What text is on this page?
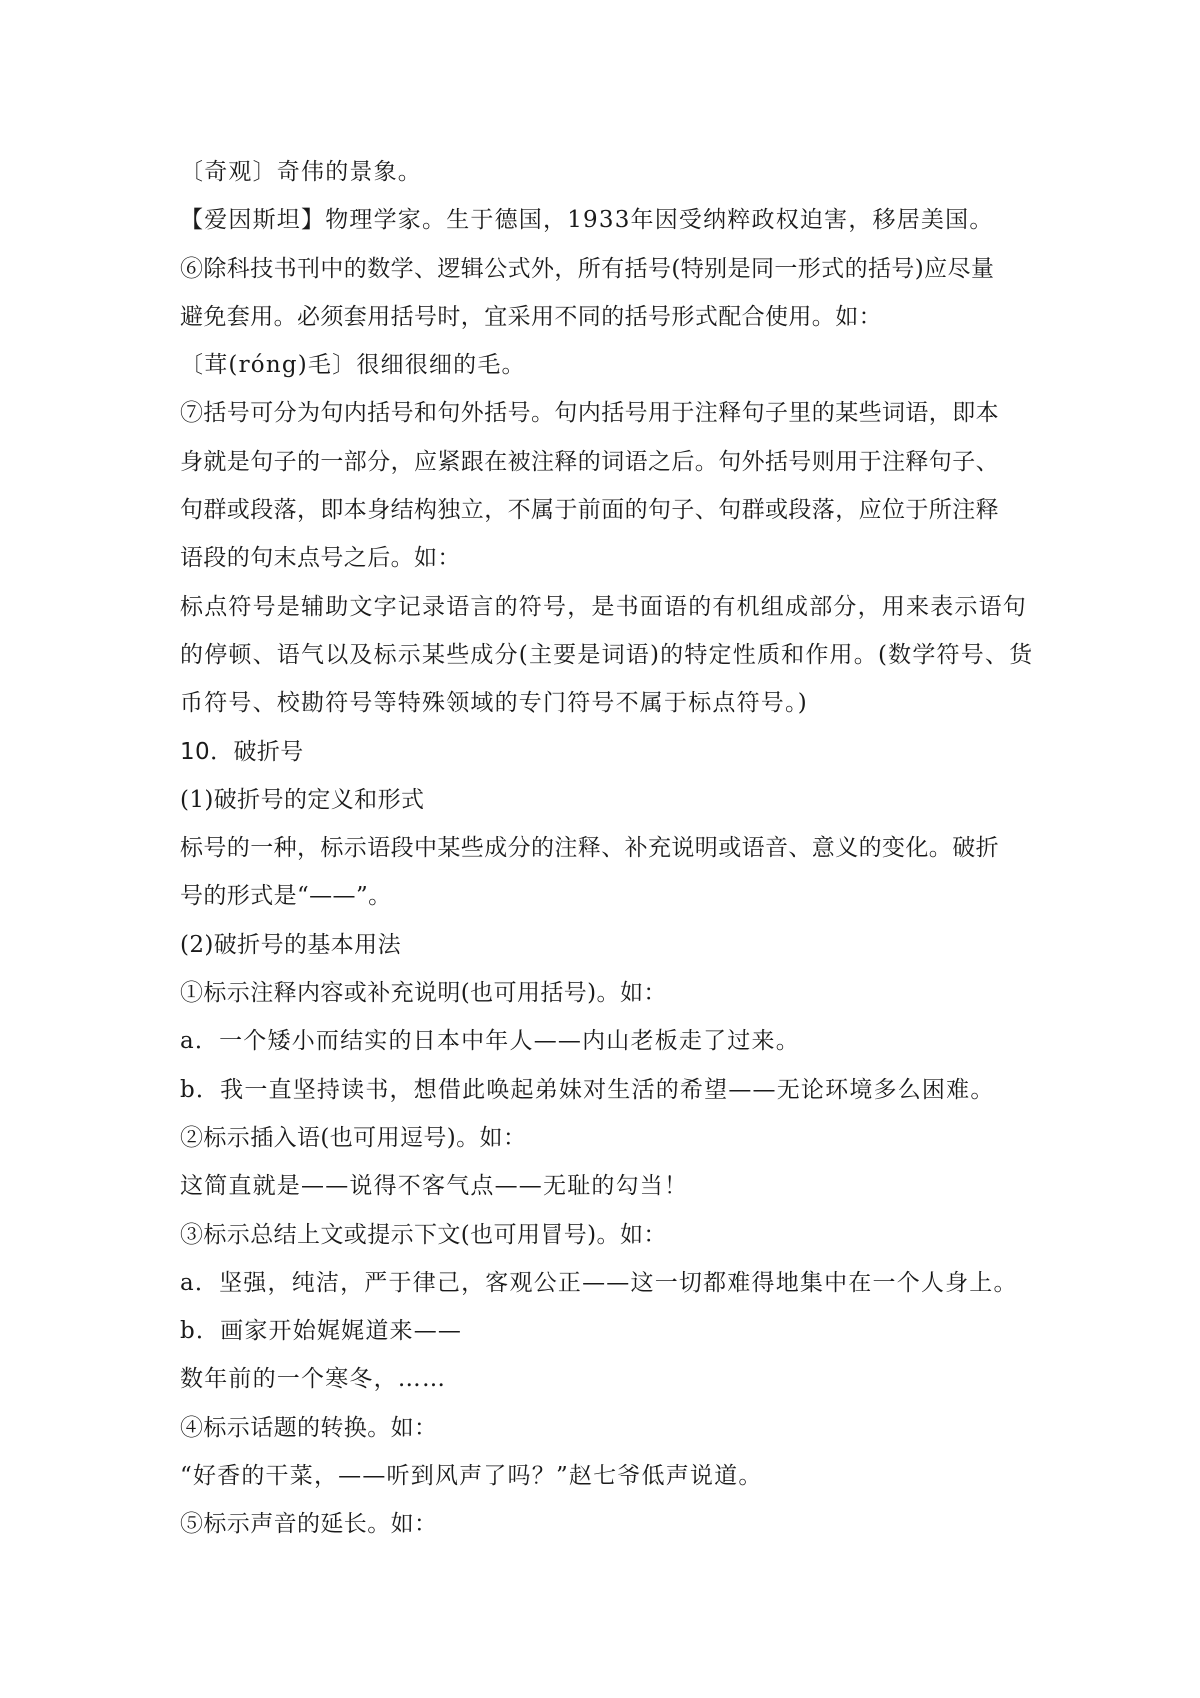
〔奇观〕奇伟的景象。
【爱因斯坦】物理学家。生于德国，1933年因受纳粹政权迫害，移居美国。
⑥除科技书刊中的数学、逻辑公式外，所有括号(特别是同一形式的括号)应尽量
避免套用。必须套用括号时，宜采用不同的括号形式配合使用。如：
〔茸(róng)毛〕很细很细的毛。
⑦括号可分为句内括号和句外括号。句内括号用于注释句子里的某些词语，即本
身就是句子的一部分，应紧跟在被注释的词语之后。句外括号则用于注释句子、
句群或段落，即本身结构独立，不属于前面的句子、句群或段落，应位于所注释
语段的句末点号之后。如：
标点符号是辅助文字记录语言的符号，是书面语的有机组成部分，用来表示语句
的停顿、语气以及标示某些成分(主要是词语)的特定性质和作用。(数学符号、货
币符号、校勘符号等特殊领域的专门符号不属于标点符号。)
10．破折号
(1)破折号的定义和形式
标号的一种，标示语段中某些成分的注释、补充说明或语音、意义的变化。破折
号的形式是“——”。
(2)破折号的基本用法
①标示注释内容或补充说明(也可用括号)。如：
a．一个矮小而结实的日本中年人——内山老板走了过来。
b．我一直坚持读书，想借此唤起弟妹对生活的希望——无论环境多么困难。
②标示插入语(也可用逗号)。如：
这简直就是——说得不客气点——无耻的勾当！
③标示总结上文或提示下文(也可用冒号)。如：
a．坚强，纯洁，严于律己，客观公正——这一切都难得地集中在一个人身上。
b．画家开始娓娓道来——
数年前的一个寒冬，……
④标示话题的转换。如：
“好香的干菜，——听到风声了吗？”赵七爷低声说道。
⑤标示声音的延长。如：
